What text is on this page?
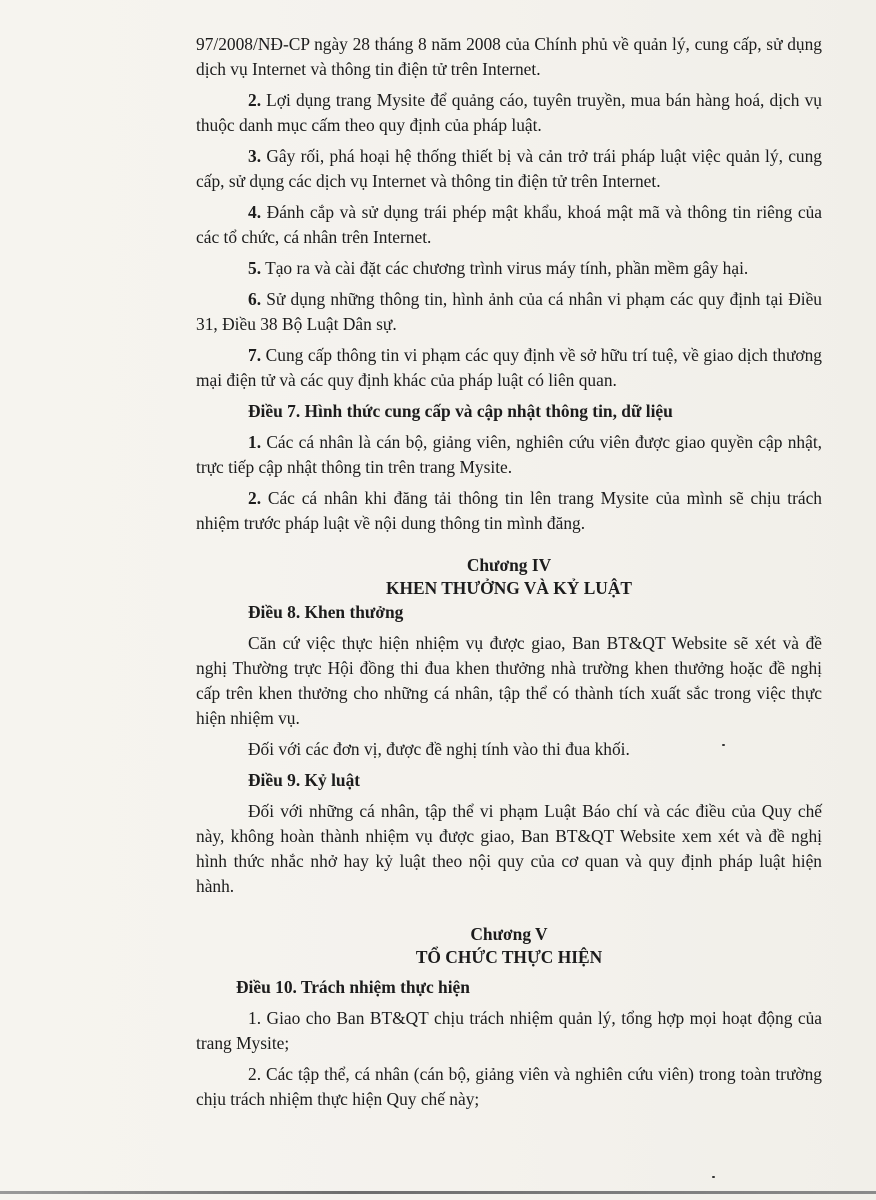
97/2008/NĐ-CP ngày 28 tháng 8 năm 2008 của Chính phủ về quản lý, cung cấp, sử dụng dịch vụ Internet và thông tin điện tử trên Internet.

2. Lợi dụng trang Mysite để quảng cáo, tuyên truyền, mua bán hàng hoá, dịch vụ thuộc danh mục cấm theo quy định của pháp luật.

3. Gây rối, phá hoại hệ thống thiết bị và cản trở trái pháp luật việc quản lý, cung cấp, sử dụng các dịch vụ Internet và thông tin điện tử trên Internet.

4. Đánh cắp và sử dụng trái phép mật khẩu, khoá mật mã và thông tin riêng của các tổ chức, cá nhân trên Internet.

5. Tạo ra và cài đặt các chương trình virus máy tính, phần mềm gây hại.

6. Sử dụng những thông tin, hình ảnh của cá nhân vi phạm các quy định tại Điều 31, Điều 38 Bộ Luật Dân sự.

7. Cung cấp thông tin vi phạm các quy định về sở hữu trí tuệ, về giao dịch thương mại điện tử và các quy định khác của pháp luật có liên quan.

Điều 7. Hình thức cung cấp và cập nhật thông tin, dữ liệu

1. Các cá nhân là cán bộ, giảng viên, nghiên cứu viên được giao quyền cập nhật, trực tiếp cập nhật thông tin trên trang Mysite.

2. Các cá nhân khi đăng tải thông tin lên trang Mysite của mình sẽ chịu trách nhiệm trước pháp luật về nội dung thông tin mình đăng.

Chương IV

KHEN THƯỞNG VÀ KỶ LUẬT

Điều 8. Khen thưởng

Căn cứ việc thực hiện nhiệm vụ được giao, Ban BT&QT Website sẽ xét và đề nghị Thường trực Hội đồng thi đua khen thưởng nhà trường khen thưởng hoặc đề nghị cấp trên khen thưởng cho những cá nhân, tập thể có thành tích xuất sắc trong việc thực hiện nhiệm vụ.

Đối với các đơn vị, được đề nghị tính vào thi đua khối.

Điều 9. Kỷ luật

Đối với những cá nhân, tập thể vi phạm Luật Báo chí và các điều của Quy chế này, không hoàn thành nhiệm vụ được giao, Ban BT&QT Website xem xét và đề nghị hình thức nhắc nhở hay kỷ luật theo nội quy của cơ quan và quy định pháp luật hiện hành.

Chương V

TỔ CHỨC THỰC HIỆN

Điều 10. Trách nhiệm thực hiện

1. Giao cho Ban BT&QT chịu trách nhiệm quản lý, tổng hợp mọi hoạt động của trang Mysite;

2. Các tập thể, cá nhân (cán bộ, giảng viên và nghiên cứu viên) trong toàn trường chịu trách nhiệm thực hiện Quy chế này;
